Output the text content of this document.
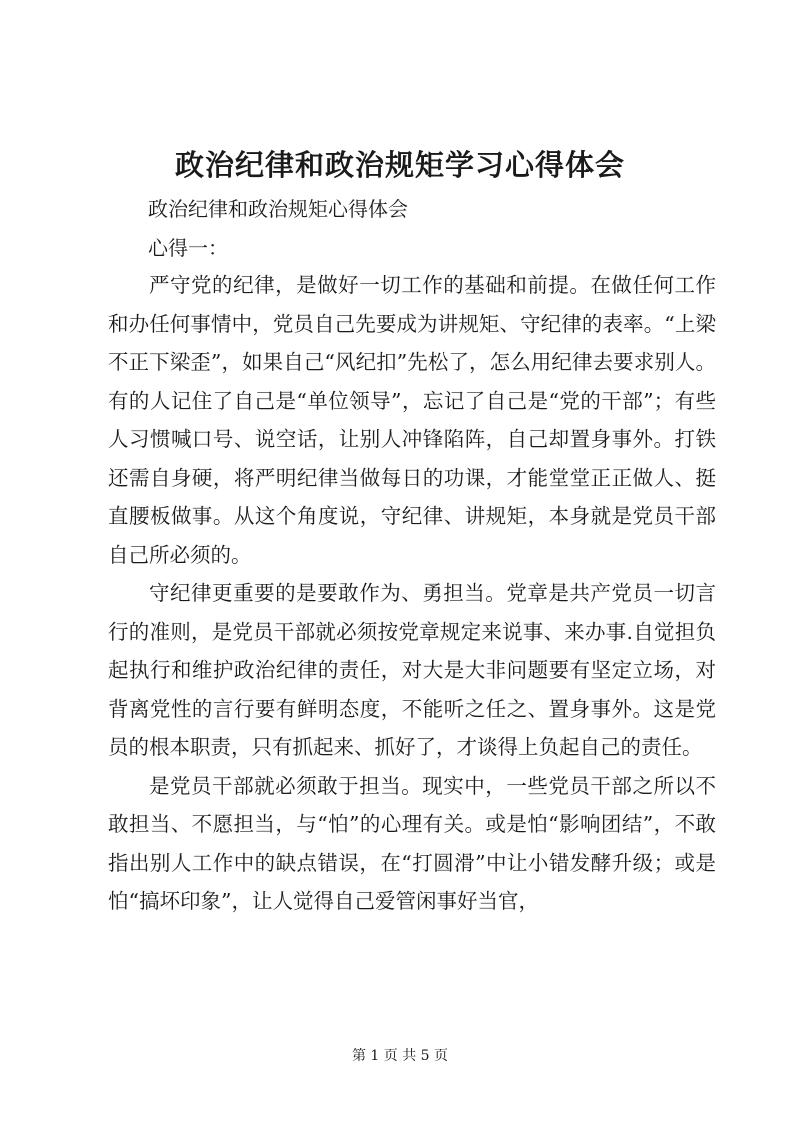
政治纪律和政治规矩学习心得体会

政治纪律和政治规矩心得体会

心得一：

严守党的纪律，是做好一切工作的基础和前提。在做任何工作和办任何事情中，党员自己先要成为讲规矩、守纪律的表率。“上梁不正下梁歪”，如果自己“风纪扣”先松了，怎么用纪律去要求别人。有的人记住了自己是“单位领导”，忘记了自己是“党的干部”；有些人习惯喊口号、说空话，让别人冲锋陷阵，自己却置身事外。打铁还需自身硬，将严明纪律当做每日的功课，才能堂堂正正做人、挺直腰板做事。从这个角度说，守纪律、讲规矩，本身就是党员干部自己所必须的。

守纪律更重要的是要敢作为、勇担当。党章是共产党员一切言行的准则，是党员干部就必须按党章规定来说事、来办事.自觉担负起执行和维护政治纪律的责任，对大是大非问题要有坚定立场，对背离党性的言行要有鲜明态度，不能听之任之、置身事外。这是党员的根本职责，只有抓起来、抓好了，才谈得上负起自己的责任。

是党员干部就必须敢于担当。现实中，一些党员干部之所以不敢担当、不愿担当，与“怕”的心理有关。或是怕“影响团结”，不敢指出别人工作中的缺点错误，在“打圆滑”中让小错发酵升级；或是怕“搞坏印象”，让人觉得自己爱管闲事好当官，

第 1 页 共 5 页
